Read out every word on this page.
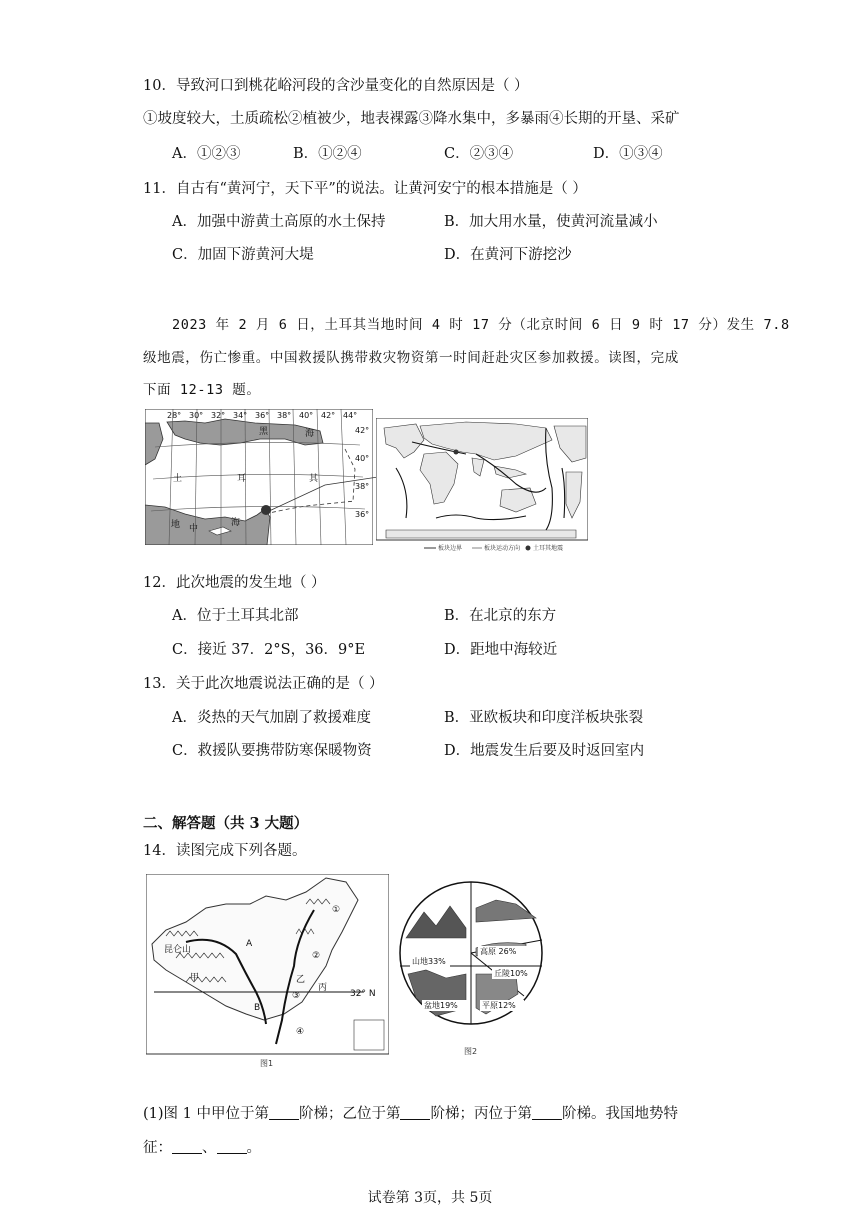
10．导致河口到桃花峪河段的含沙量变化的自然原因是（ ）
①坡度较大，土质疏松②植被少，地表裸露③降水集中，多暴雨④长期的开垦、采矿
A．①②③	B．①②④	C．②③④	D．①③④
11．自古有“黄河宁，天下平”的说法。让黄河安宁的根本措施是（ ）
A．加强中游黄土高原的水土保持	B．加大用水量，使黄河流量减小
C．加固下游黄河大堤	D．在黄河下游挖沙
2023 年 2 月 6 日，土耳其当地时间 4 时 17 分（北京时间 6 日 9 时 17 分）发生 7.8
级地震，伤亡惨重。中国救援队携带救灾物资第一时间赶赴灾区参加救援。读图，完成
下面 12-13 题。
28° 30° 32° 34° 36° 38° 40° 42° 44°
42°
40°
38°
36°
黑	海
土	耳	其
地 中
海
板块边界	板块运动方向 土耳其地震
12．此次地震的发生地（ ）
A．位于土耳其北部	B．在北京的东方
C．接近 37．2°S，36．9°E	D．距地中海较近
13．关于此次地震说法正确的是（ ）
A．炎热的天气加剧了救援难度	B．亚欧板块和印度洋板块张裂
C．救援队要携带防寒保暖物资	D．地震发生后要及时返回室内
二、解答题（共 3 大题）
14．读图完成下列各题。
昆仑山
甲	乙
丙
A
B
32° N
①
②
③
④
图1
山地33%
高原 26%
丘陵10%
盆地19%	平原12%
图2
(1)图 1 中甲位于第 阶梯；乙位于第 阶梯；丙位于第 阶梯。我国地势特
征： 、 。
试卷第 3页，共 5页
